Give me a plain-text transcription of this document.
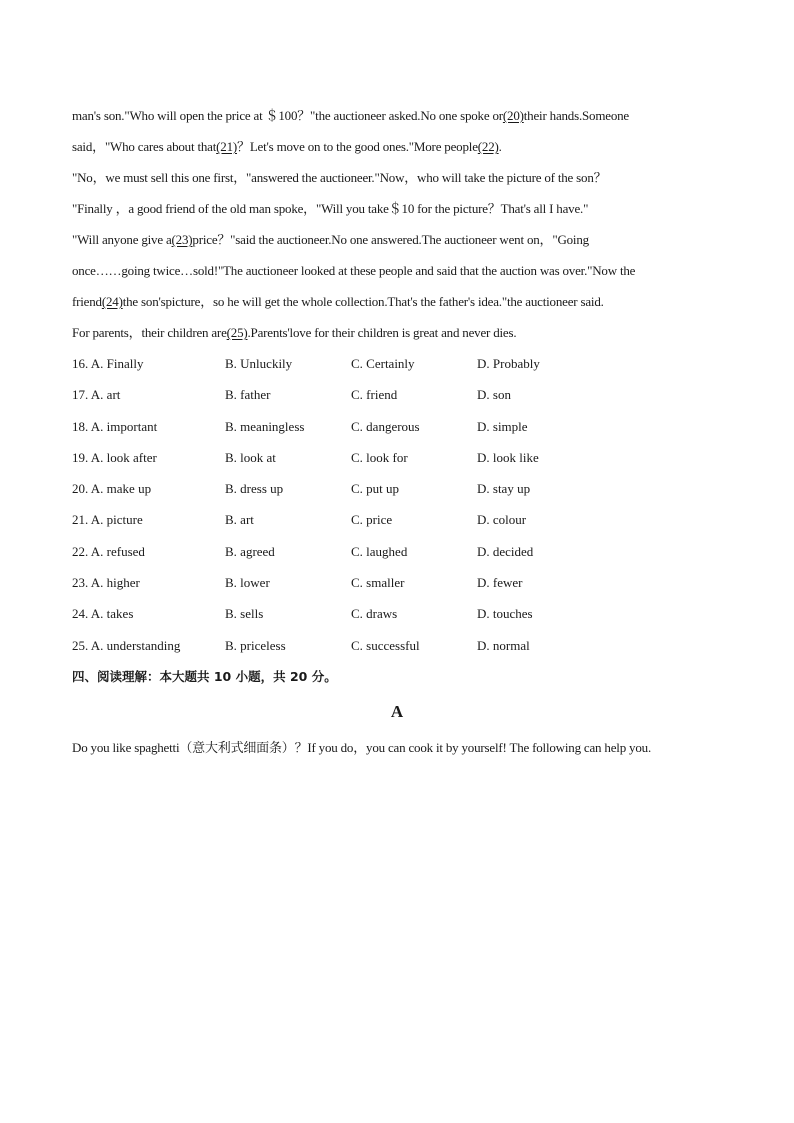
man's son."Who will open the price at ＄100？"the auctioneer asked.No one spoke or(20)their hands.Someone
said，"Who cares about that(21)？Let's move on to the good ones."More people(22).
"No，we must sell this one first，"answered the auctioneer."Now，who will take the picture of the son？
"Finally ，a good friend of the old man spoke，"Will you take＄10 for the picture？That's all I have."
"Will anyone give a(23)price？"said the auctioneer.No one answered.The auctioneer went on，"Going
once……going twice…sold!"The auctioneer looked at these people and said that the auction was over."Now the
friend(24)the son'spicture，so he will get the whole collection.That's the father's idea."the auctioneer said.
For parents，their children are(25).Parents'love for their children is great and never dies.
16. A. Finally	B. Unluckily	C. Certainly	D. Probably
17. A. art	B. father	C. friend	D. son
18. A. important	B. meaningless	C. dangerous	D. simple
19. A. look after	B. look at	C. look for	D. look like
20. A. make up	B. dress up	C. put up	D. stay up
21. A. picture	B. art	C. price	D. colour
22. A. refused	B. agreed	C. laughed	D. decided
23. A. higher	B. lower	C. smaller	D. fewer
24. A. takes	B. sells	C. draws	D. touches
25. A. understanding	B. priceless	C. successful	D. normal
四、阅读理解：本大题共 10 小题，共 20 分。
A
Do you like spaghetti（意大利式细面条）？If you do，you can cook it by yourself! The following can help you.
